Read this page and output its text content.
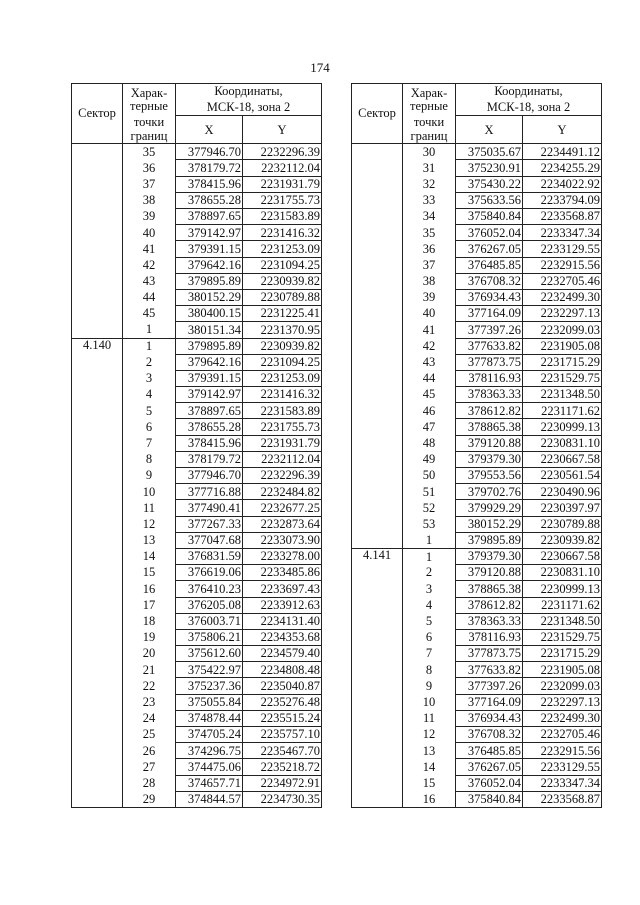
174
Сектор	Харак-
терные	Координаты,
МСК-18, зона 2	

	точки
границ	X	Y
	35	377946.70	2232296.39
	36	378179.72	2232112.04
	37	378415.96	2231931.79
	38	378655.28	2231755.73
	39	378897.65	2231583.89
	40	379142.97	2231416.32
	41	379391.15	2231253.09
	42	379642.16	2231094.25
	43	379895.89	2230939.82
	44	380152.29	2230789.88
	45	380400.15	2231225.41
	1	380151.34	2231370.95
4.140	1	379895.89	2230939.82
	2	379642.16	2231094.25
	3	379391.15	2231253.09
	4	379142.97	2231416.32
	5	378897.65	2231583.89
	6	378655.28	2231755.73
	7	378415.96	2231931.79
	8	378179.72	2232112.04
	9	377946.70	2232296.39
	10	377716.88	2232484.82
	11	377490.41	2232677.25
	12	377267.33	2232873.64
	13	377047.68	2233073.90
	14	376831.59	2233278.00
	15	376619.06	2233485.86
	16	376410.23	2233697.43
	17	376205.08	2233912.63
	18	376003.71	2234131.40
	19	375806.21	2234353.68
	20	375612.60	2234579.40
	21	375422.97	2234808.48
	22	375237.36	2235040.87
	23	375055.84	2235276.48
	24	374878.44	2235515.24
	25	374705.24	2235757.10
	26	374296.75	2235467.70
	27	374475.06	2235218.72
	28	374657.71	2234972.91
	29	374844.57	2234730.35
Сектор	Харак-
терные	Координаты,
МСК-18, зона 2	

	точки
границ	X	Y
	30	375035.67	2234491.12
	31	375230.91	2234255.29
	32	375430.22	2234022.92
	33	375633.56	2233794.09
	34	375840.84	2233568.87
	35	376052.04	2233347.34
	36	376267.05	2233129.55
	37	376485.85	2232915.56
	38	376708.32	2232705.46
	39	376934.43	2232499.30
	40	377164.09	2232297.13
	41	377397.26	2232099.03
	42	377633.82	2231905.08
	43	377873.75	2231715.29
	44	378116.93	2231529.75
	45	378363.33	2231348.50
	46	378612.82	2231171.62
	47	378865.38	2230999.13
	48	379120.88	2230831.10
	49	379379.30	2230667.58
	50	379553.56	2230561.54
	51	379702.76	2230490.96
	52	379929.29	2230397.97
	53	380152.29	2230789.88
	1	379895.89	2230939.82
4.141	1	379379.30	2230667.58
	2	379120.88	2230831.10
	3	378865.38	2230999.13
	4	378612.82	2231171.62
	5	378363.33	2231348.50
	6	378116.93	2231529.75
	7	377873.75	2231715.29
	8	377633.82	2231905.08
	9	377397.26	2232099.03
	10	377164.09	2232297.13
	11	376934.43	2232499.30
	12	376708.32	2232705.46
	13	376485.85	2232915.56
	14	376267.05	2233129.55
	15	376052.04	2233347.34
	16	375840.84	2233568.87
